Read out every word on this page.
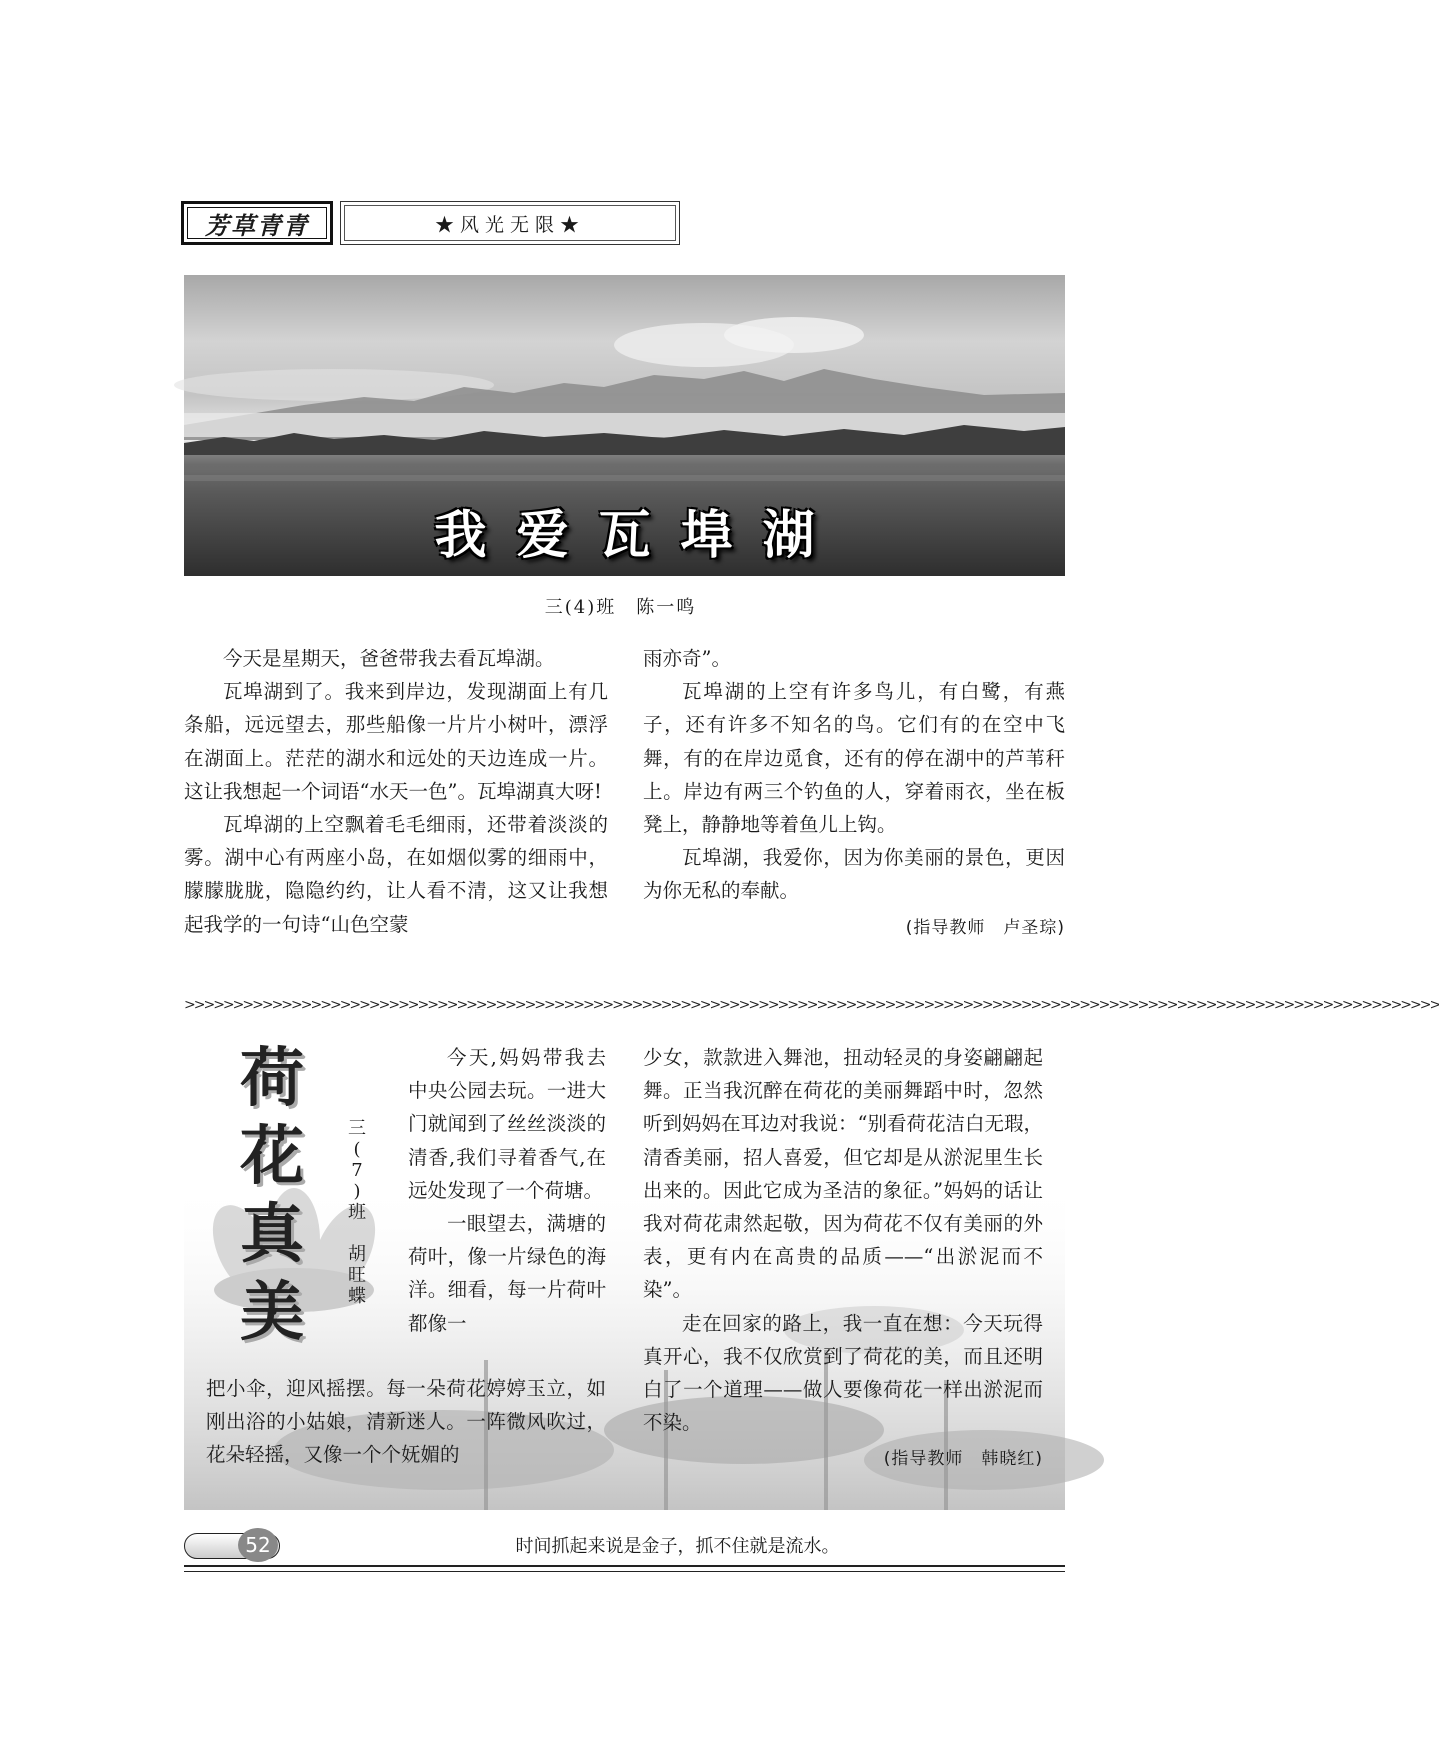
芳草青青	★风光无限★
我爱瓦埠湖
三(4)班　陈一鸣

今天是星期天，爸爸带我去看瓦埠湖。

瓦埠湖到了。我来到岸边，发现湖面上有几条船，远远望去，那些船像一片片小树叶，漂浮在湖面上。茫茫的湖水和远处的天边连成一片。这让我想起一个词语“水天一色”。瓦埠湖真大呀!

瓦埠湖的上空飘着毛毛细雨，还带着淡淡的雾。湖中心有两座小岛，在如烟似雾的细雨中，朦朦胧胧，隐隐约约，让人看不清，这又让我想起我学的一句诗“山色空蒙

雨亦奇”。

瓦埠湖的上空有许多鸟儿，有白鹭，有燕子，还有许多不知名的鸟。它们有的在空中飞舞，有的在岸边觅食，还有的停在湖中的芦苇秆上。岸边有两三个钓鱼的人，穿着雨衣，坐在板凳上，静静地等着鱼儿上钩。

瓦埠湖，我爱你，因为你美丽的景色，更因为你无私的奉献。

(指导教师　卢圣琮)
>>>>>>>>>>>>>>>>>>>>>>>>>>>>>>>>>>>>>>>>>>>>>>>>>>>>>>>>>>>>>>>>>>>>>>>>>>>>>>>>>>>>>>>>>>>>>>>>>>>>>>>>>>>>>>>>>>>>>>>>>>>>>>>>>
荷
花
真
美
三
(
7
)
班

胡
旺
蝶

今天,妈妈带我去中央公园去玩。一进大门就闻到了丝丝淡淡的清香,我们寻着香气,在远处发现了一个荷塘。

一眼望去，满塘的荷叶，像一片绿色的海洋。细看，每一片荷叶都像一

把小伞，迎风摇摆。每一朵荷花婷婷玉立，如刚出浴的小姑娘，清新迷人。一阵微风吹过，花朵轻摇，又像一个个妩媚的

少女，款款进入舞池，扭动轻灵的身姿翩翩起舞。正当我沉醉在荷花的美丽舞蹈中时，忽然听到妈妈在耳边对我说：“别看荷花洁白无瑕，清香美丽，招人喜爱，但它却是从淤泥里生长出来的。因此它成为圣洁的象征。”妈妈的话让我对荷花肃然起敬，因为荷花不仅有美丽的外表，更有内在高贵的品质——“出淤泥而不染”。

走在回家的路上，我一直在想：今天玩得真开心，我不仅欣赏到了荷花的美，而且还明白了一个道理——做人要像荷花一样出淤泥而不染。

(指导教师　韩晓红)
52	时间抓起来说是金子，抓不住就是流水。
